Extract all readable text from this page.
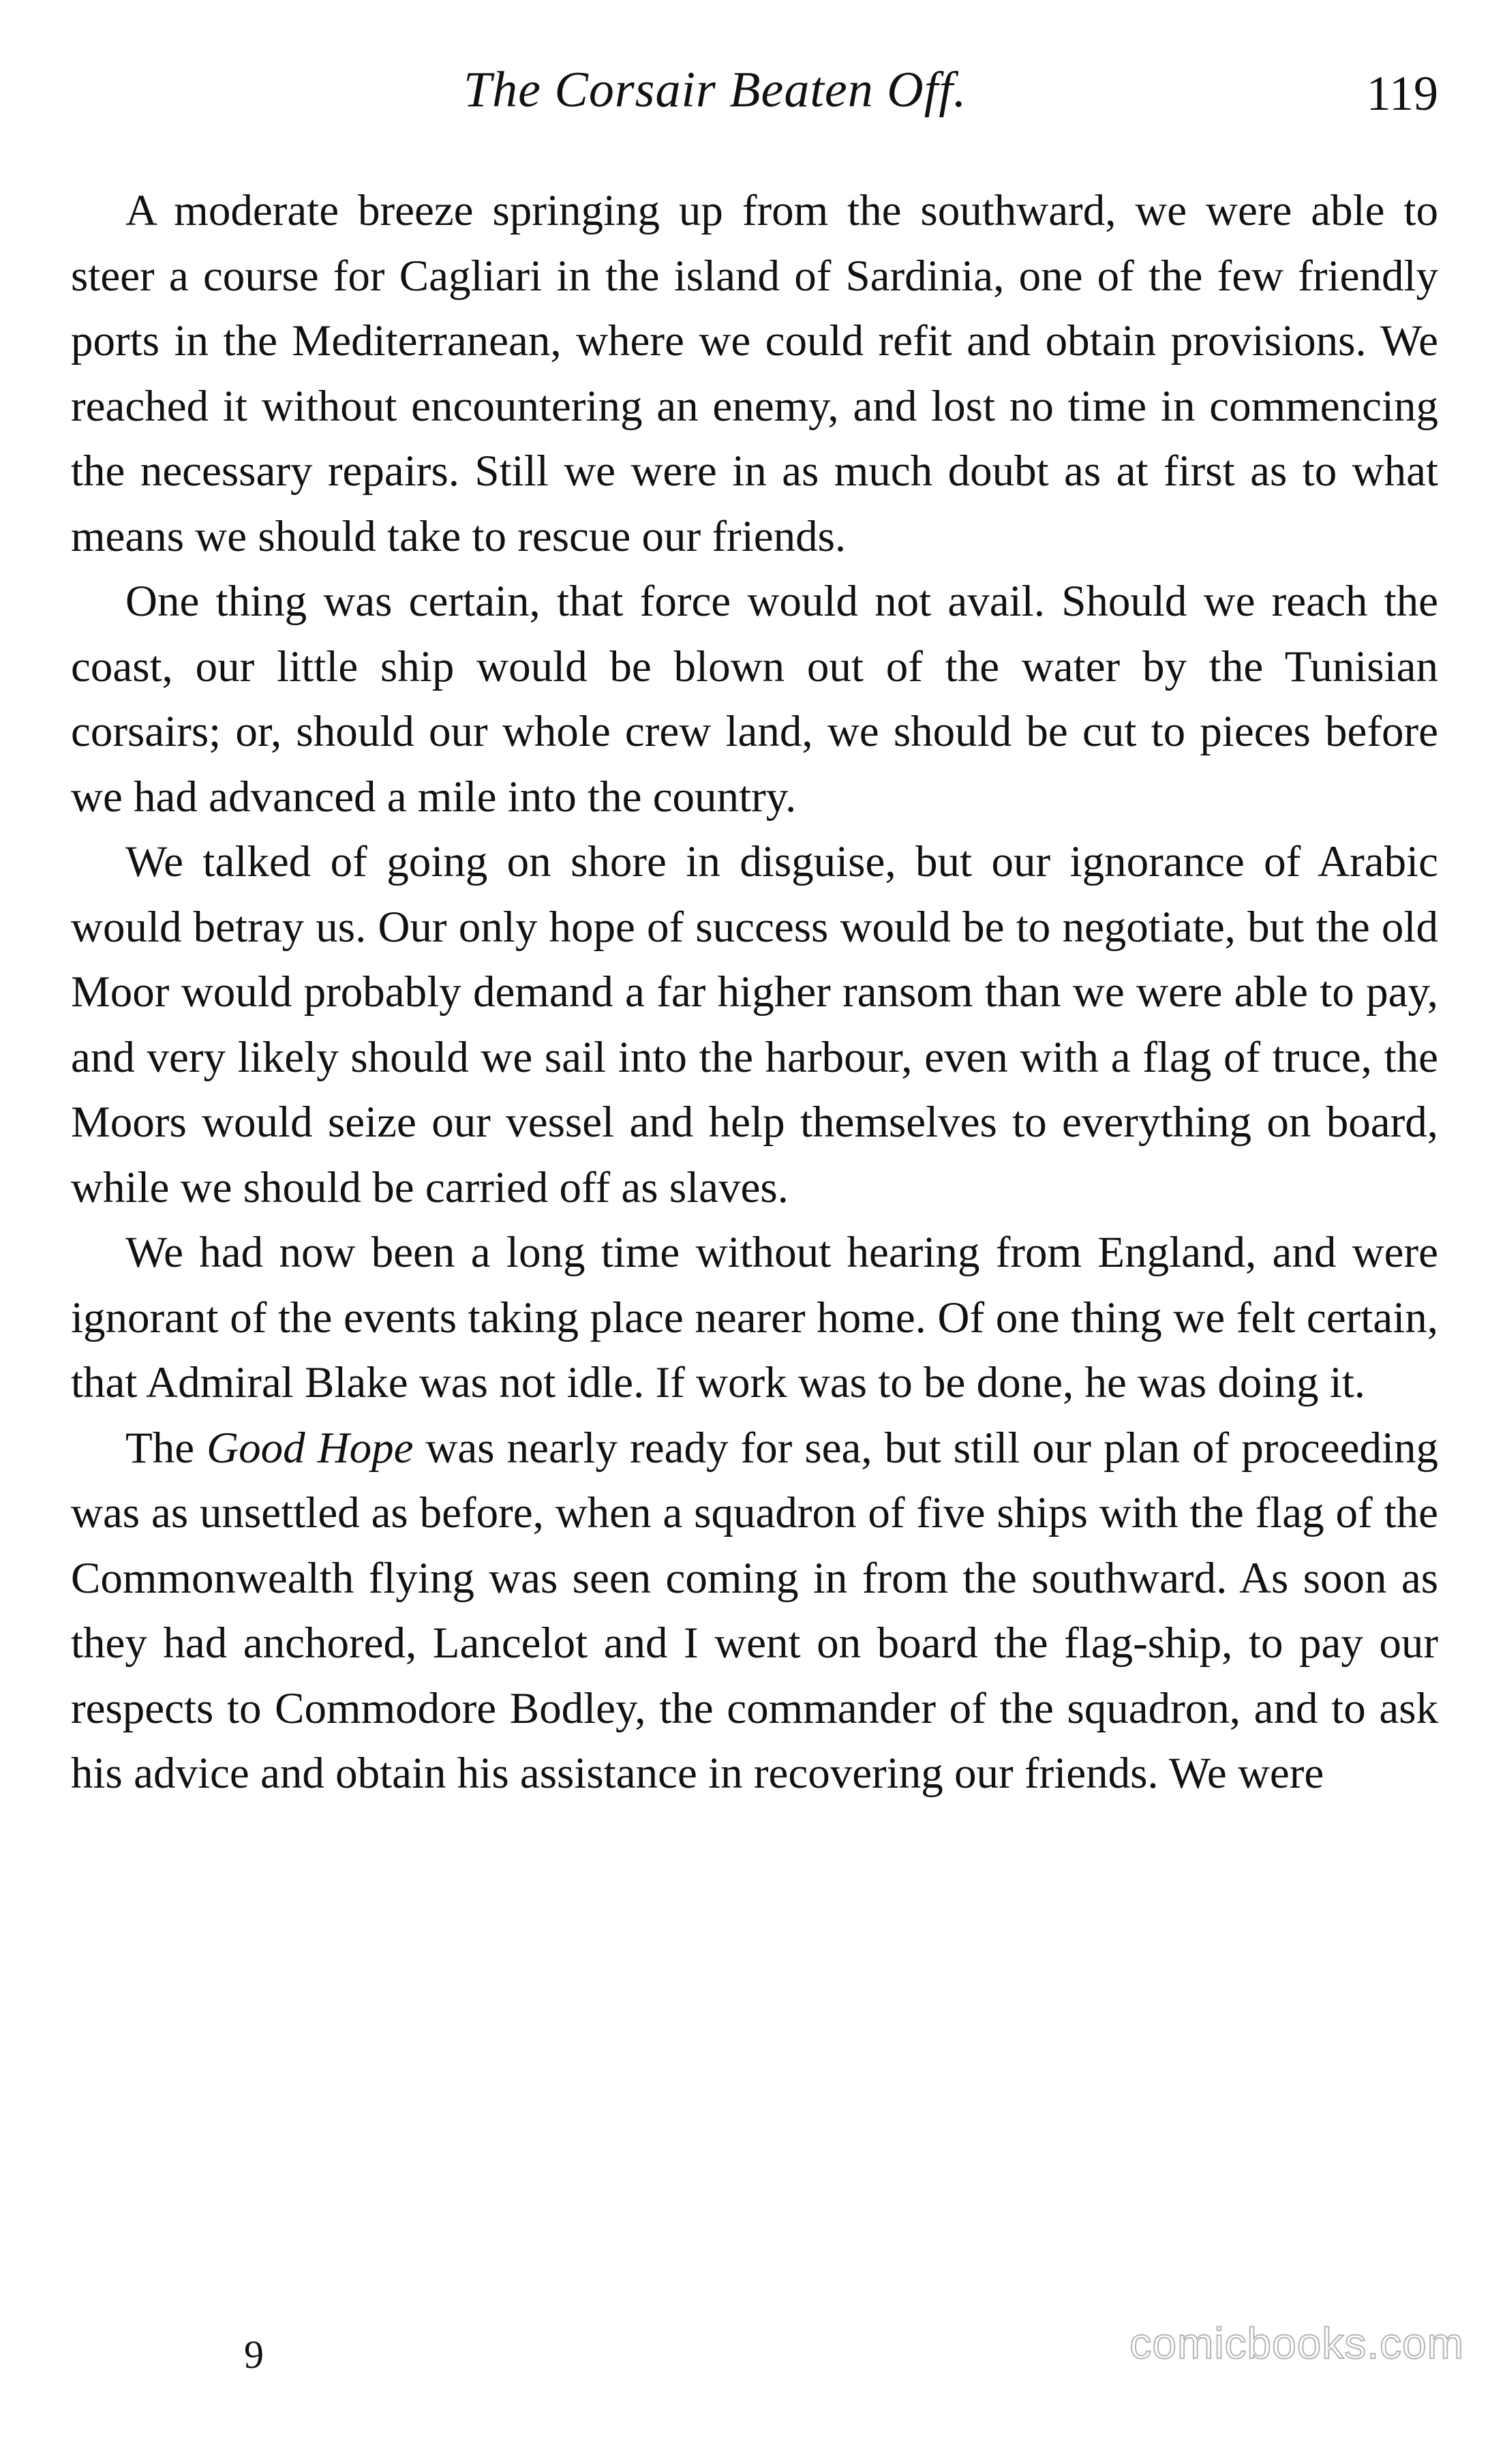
The Corsair Beaten Off.	119

A moderate breeze springing up from the southward, we were able to steer a course for Cagliari in the island of Sardinia, one of the few friendly ports in the Mediterranean, where we could refit and obtain provisions. We reached it without encountering an enemy, and lost no time in commencing the necessary repairs. Still we were in as much doubt as at first as to what means we should take to rescue our friends.

One thing was certain, that force would not avail. Should we reach the coast, our little ship would be blown out of the water by the Tunisian corsairs; or, should our whole crew land, we should be cut to pieces before we had advanced a mile into the country.

We talked of going on shore in disguise, but our ignorance of Arabic would betray us. Our only hope of success would be to negotiate, but the old Moor would probably demand a far higher ransom than we were able to pay, and very likely should we sail into the harbour, even with a flag of truce, the Moors would seize our vessel and help themselves to everything on board, while we should be carried off as slaves.

We had now been a long time without hearing from England, and were ignorant of the events taking place nearer home. Of one thing we felt certain, that Admiral Blake was not idle. If work was to be done, he was doing it.

The Good Hope was nearly ready for sea, but still our plan of proceeding was as unsettled as before, when a squadron of five ships with the flag of the Commonwealth flying was seen coming in from the southward. As soon as they had anchored, Lancelot and I went on board the flag-ship, to pay our respects to Commodore Bodley, the commander of the squadron, and to ask his advice and obtain his assistance in recovering our friends. We were

9	comicbooks.com
